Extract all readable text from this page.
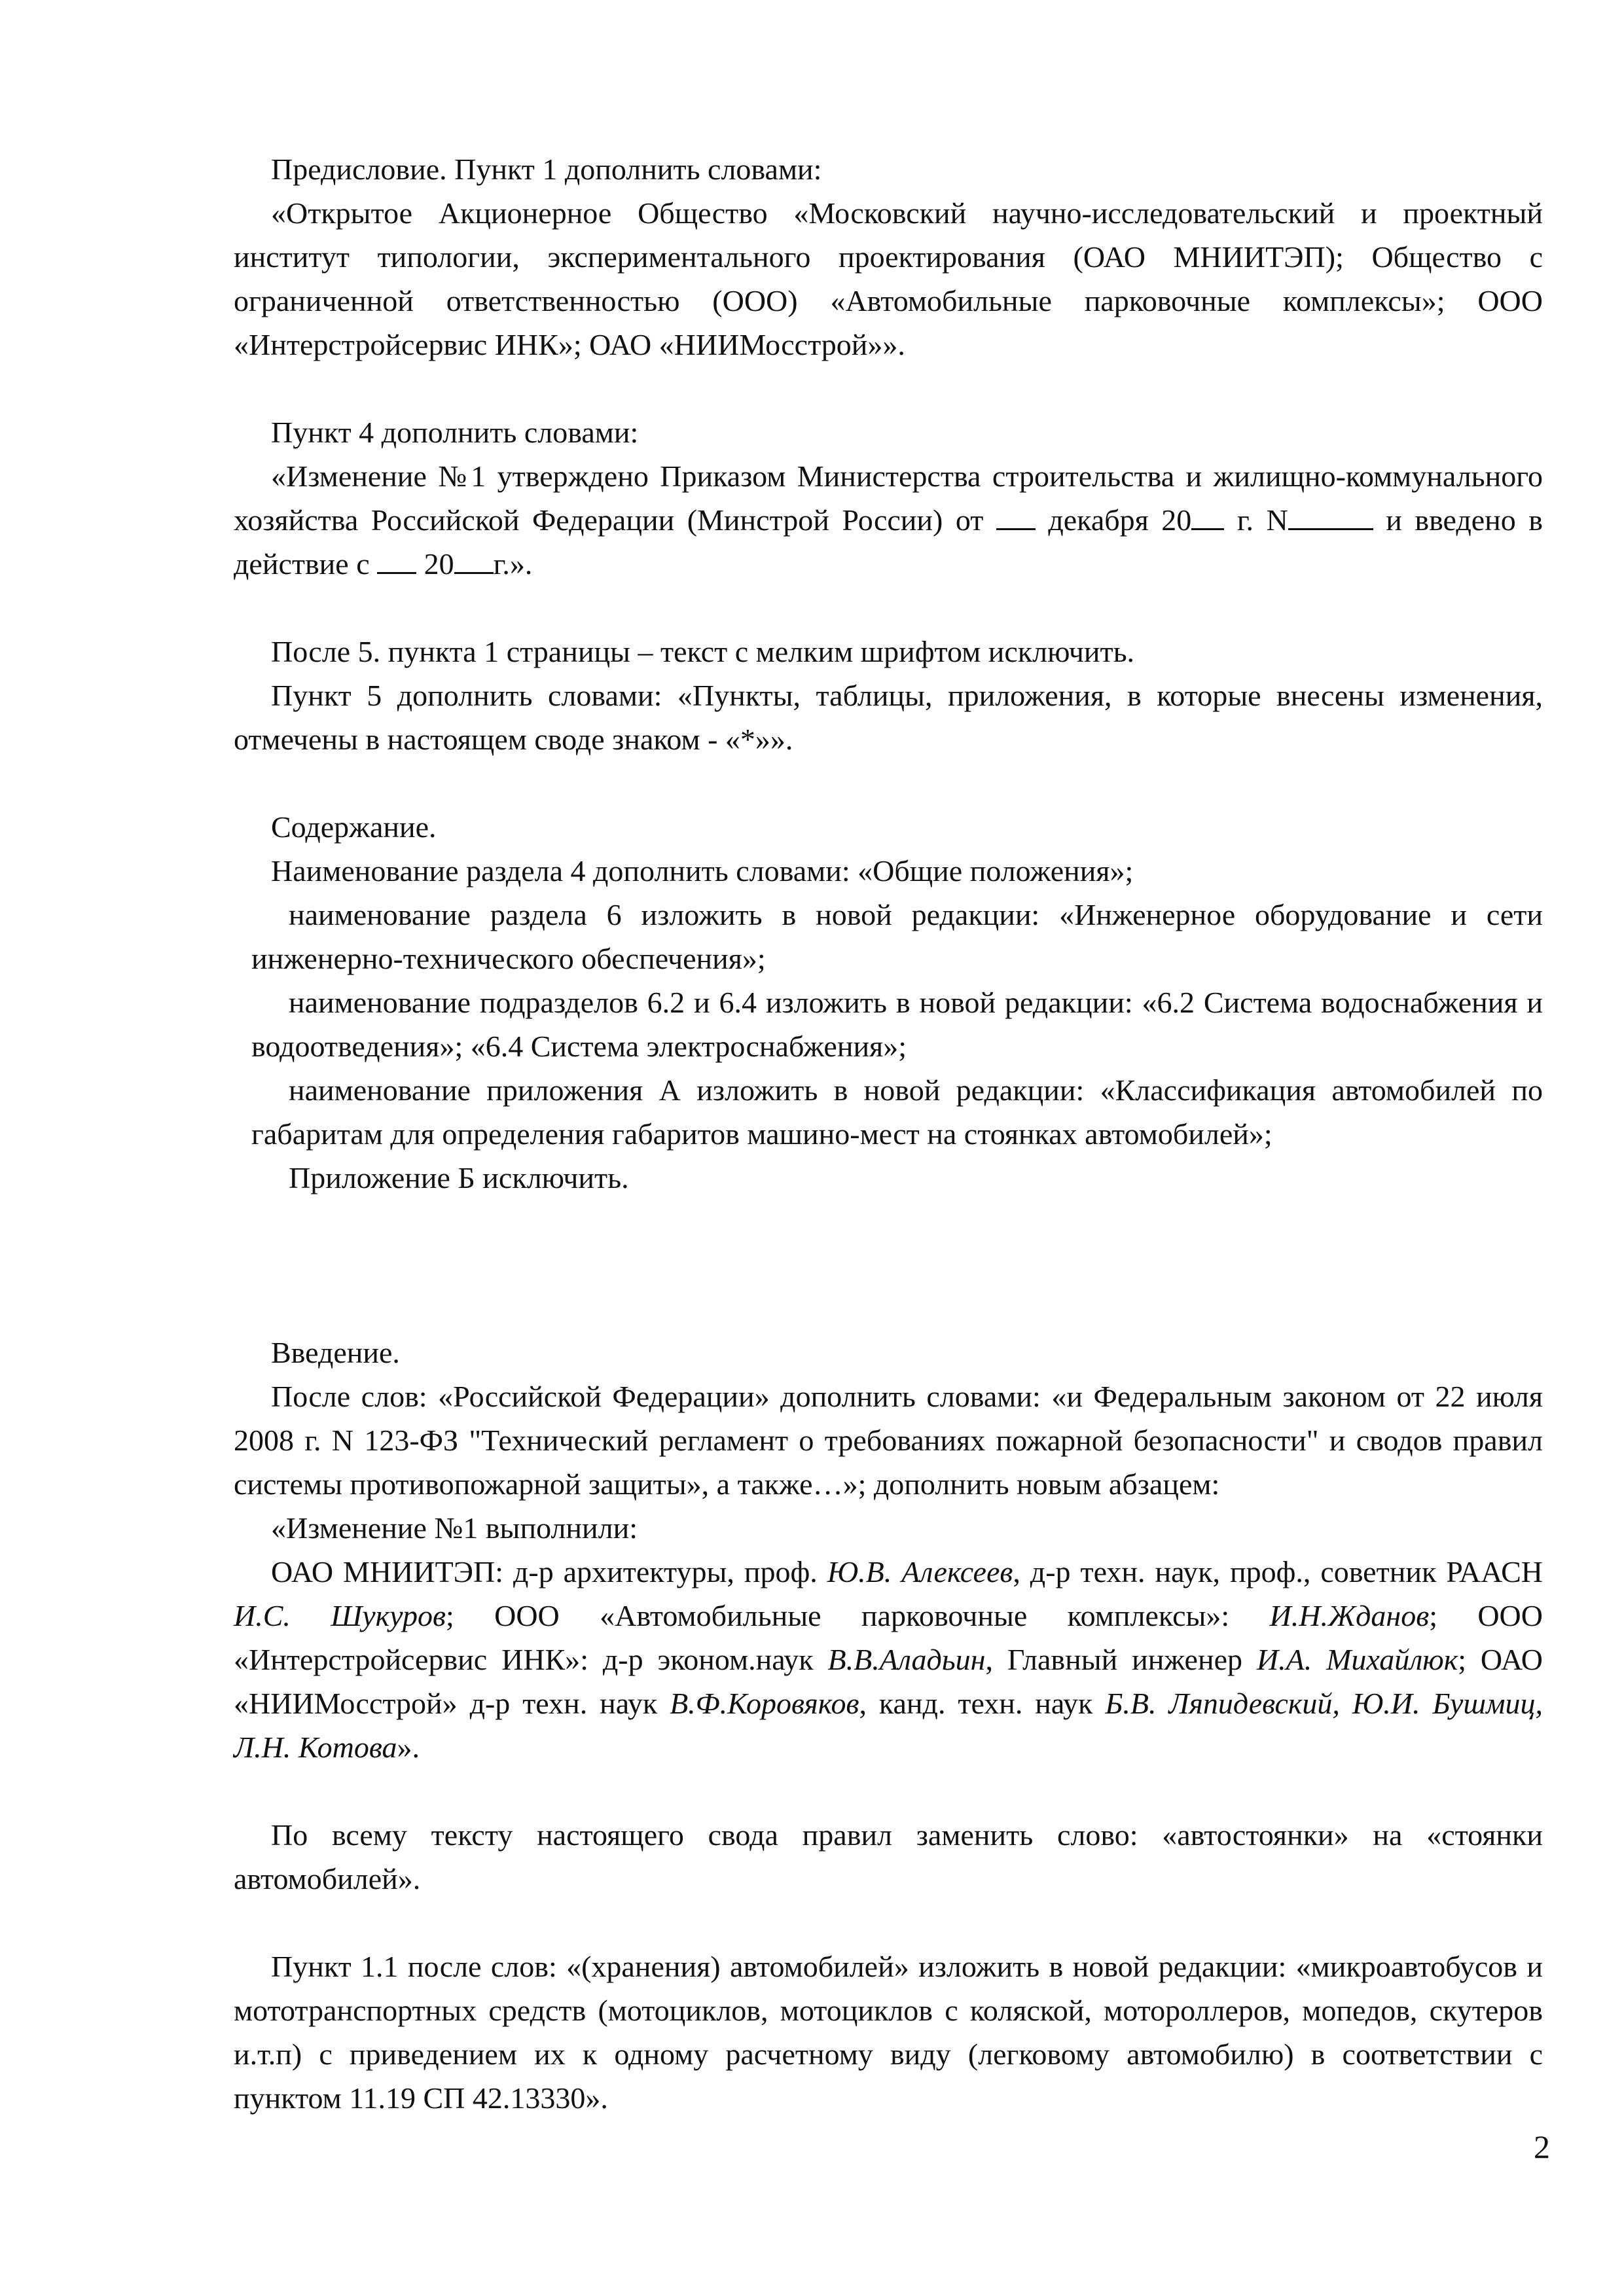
Предисловие. Пункт 1 дополнить словами:

«Открытое Акционерное Общество «Московский научно-исследовательский и проектный институт типологии, экспериментального проектирования (ОАО МНИИТЭП); Общество с ограниченной ответственностью (ООО) «Автомобильные парковочные комплексы»; ООО «Интерстройсервис ИНК»; ОАО «НИИМосстрой»».

Пункт 4 дополнить словами:

«Изменение №1 утверждено Приказом Министерства строительства и жилищно-коммунального хозяйства Российской Федерации (Минстрой России) от  декабря 20 г. N	и введено в действие с  20 г.».

После 5. пункта 1 страницы – текст с мелким шрифтом исключить.

Пункт 5 дополнить словами: «Пункты, таблицы, приложения, в которые внесены изменения, отмечены в настоящем своде знаком - «*»».

Содержание.

Наименование раздела 4 дополнить словами: «Общие положения»;

наименование раздела 6 изложить в новой редакции: «Инженерное оборудование и сети инженерно-технического обеспечения»;

наименование подразделов 6.2 и 6.4 изложить в новой редакции: «6.2 Система водоснабжения и водоотведения»; «6.4 Система электроснабжения»;

наименование приложения А изложить в новой редакции: «Классификация автомобилей по габаритам для определения габаритов машино-мест на стоянках автомобилей»;

Приложение Б исключить.

Введение.

После слов: «Российской Федерации» дополнить словами: «и Федеральным законом от 22 июля 2008 г. N 123-ФЗ "Технический регламент о требованиях пожарной безопасности" и сводов правил системы противопожарной защиты», а также…»; дополнить новым абзацем:

«Изменение №1 выполнили:

ОАО МНИИТЭП: д-р архитектуры, проф. Ю.В. Алексеев, д-р техн. наук, проф., советник РААСН И.С. Шукуров; ООО «Автомобильные парковочные комплексы»: И.Н.Жданов; ООО «Интерстройсервис ИНК»: д-р эконом.наук В.В.Аладьин, Главный инженер И.А. Михайлюк; ОАО «НИИМосстрой» д-р техн. наук В.Ф.Коровяков, канд. техн. наук Б.В. Ляпидевский, Ю.И. Бушмиц, Л.Н. Котова».

По всему тексту настоящего свода правил заменить слово: «автостоянки» на «стоянки автомобилей».

Пункт 1.1 после слов: «(хранения) автомобилей» изложить в новой редакции: «микроавтобусов и мототранспортных средств (мотоциклов, мотоциклов с коляской, мотороллеров, мопедов, скутеров и.т.п) с приведением их к одному расчетному виду (легковому автомобилю) в соответствии с пунктом 11.19 СП 42.13330».

2
